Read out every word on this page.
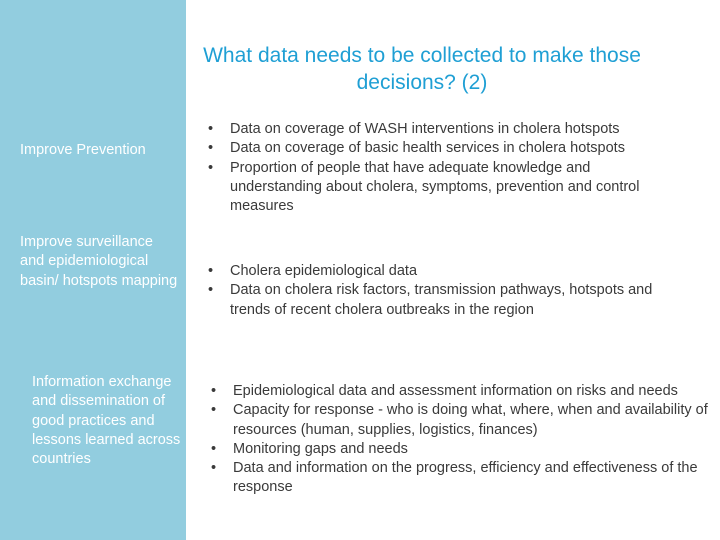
What data needs to be collected to make those decisions? (2)
Improve Prevention
Improve surveillance and epidemiological basin/ hotspots mapping
Information exchange and dissemination of good practices and lessons learned across countries
• Data on coverage of WASH interventions in cholera hotspots
• Data on coverage of basic health services in cholera hotspots
• Proportion of people that have adequate knowledge and understanding about cholera, symptoms, prevention and control measures
• Cholera epidemiological data
• Data on cholera risk factors, transmission pathways, hotspots and trends of recent cholera outbreaks in the region
• Epidemiological data and assessment information on risks and needs
• Capacity for response - who is doing what, where, when and availability of resources (human, supplies, logistics, finances)
• Monitoring gaps and needs
• Data and information on the progress, efficiency and effectiveness of the response
